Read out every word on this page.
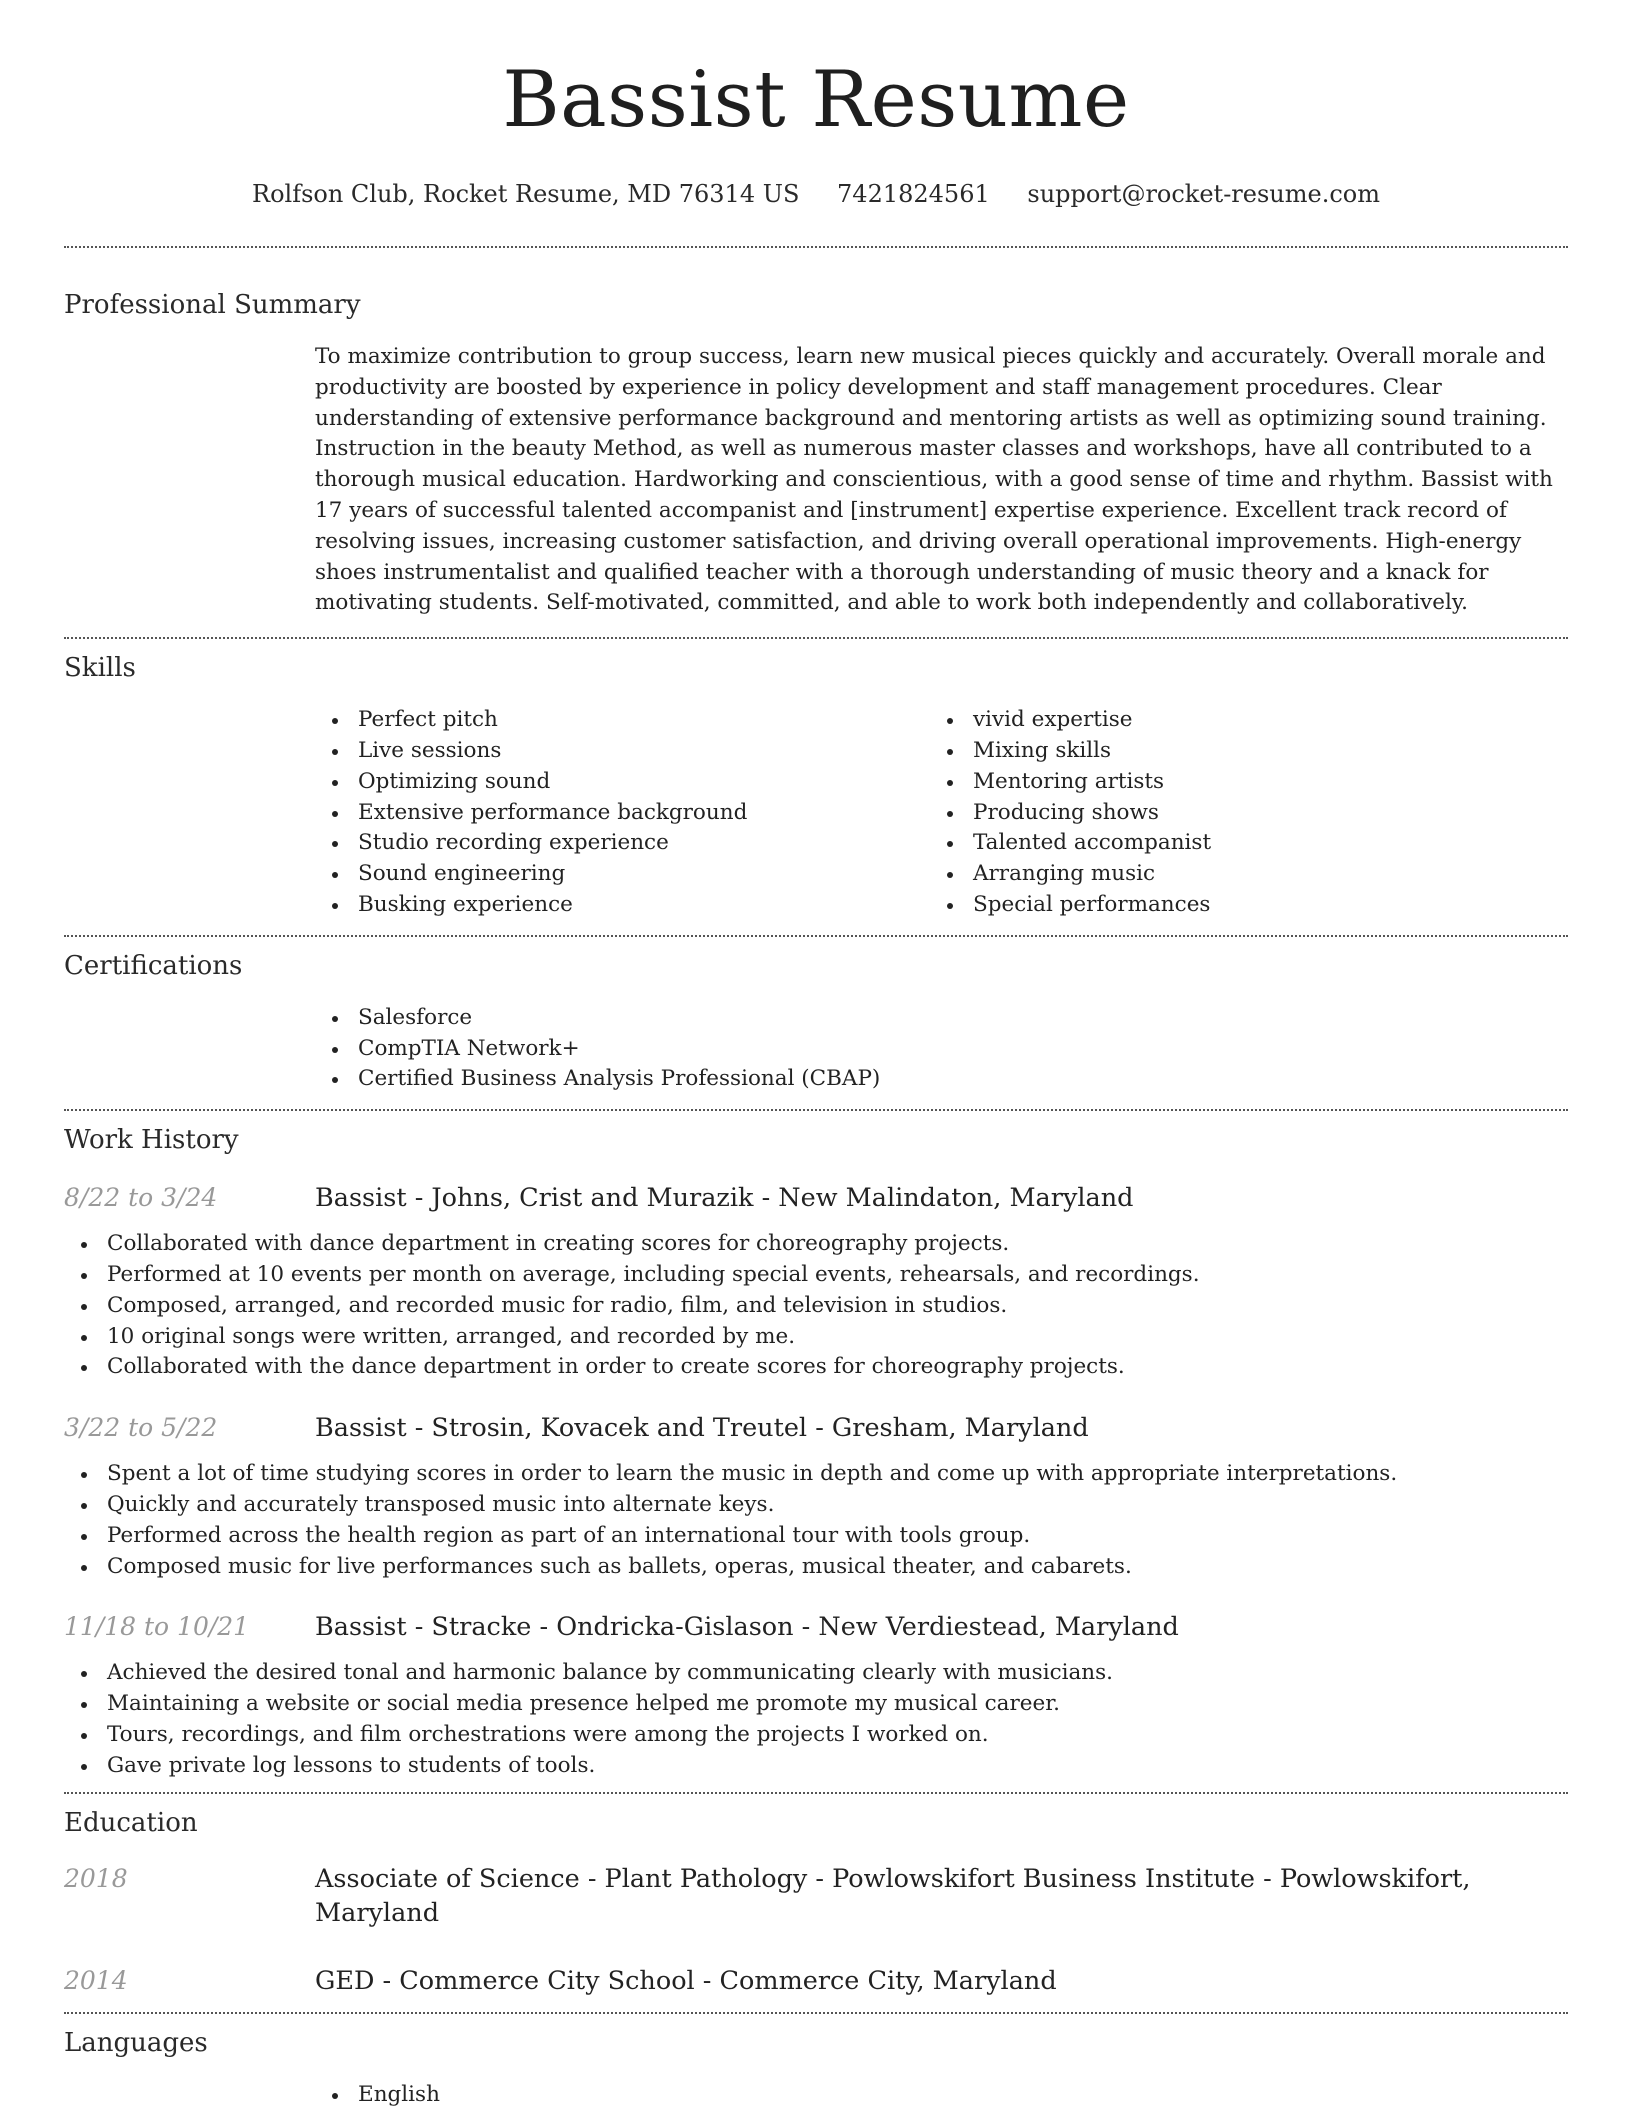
Bassist Resume
Rolfson Club, Rocket Resume, MD 76314 US 7421824561 support@rocket-resume.com
Professional Summary

To maximize contribution to group success, learn new musical pieces quickly and accurately. Overall morale and productivity are boosted by experience in policy development and staff management procedures. Clear understanding of extensive performance background and mentoring artists as well as optimizing sound training. Instruction in the beauty Method, as well as numerous master classes and workshops, have all contributed to a thorough musical education. Hardworking and conscientious, with a good sense of time and rhythm. Bassist with 17 years of successful talented accompanist and [instrument] expertise experience. Excellent track record of resolving issues, increasing customer satisfaction, and driving overall operational improvements. High-energy shoes instrumentalist and qualified teacher with a thorough understanding of music theory and a knack for motivating students. Self-motivated, committed, and able to work both independently and collaboratively.

Skills
Perfect pitch
Live sessions
Optimizing sound
Extensive performance background
Studio recording experience
Sound engineering
Busking experience
vivid expertise
Mixing skills
Mentoring artists
Producing shows
Talented accompanist
Arranging music
Special performances
Certifications
Salesforce
CompTIA Network+
Certified Business Analysis Professional (CBAP)
Work History
8/22 to 3/24	Bassist - Johns, Crist and Murazik - New Malindaton, Maryland
Collaborated with dance department in creating scores for choreography projects.
Performed at 10 events per month on average, including special events, rehearsals, and recordings.
Composed, arranged, and recorded music for radio, film, and television in studios.
10 original songs were written, arranged, and recorded by me.
Collaborated with the dance department in order to create scores for choreography projects.
3/22 to 5/22	Bassist - Strosin, Kovacek and Treutel - Gresham, Maryland
Spent a lot of time studying scores in order to learn the music in depth and come up with appropriate interpretations.
Quickly and accurately transposed music into alternate keys.
Performed across the health region as part of an international tour with tools group.
Composed music for live performances such as ballets, operas, musical theater, and cabarets.
11/18 to 10/21	Bassist - Stracke - Ondricka-Gislason - New Verdiestead, Maryland
Achieved the desired tonal and harmonic balance by communicating clearly with musicians.
Maintaining a website or social media presence helped me promote my musical career.
Tours, recordings, and film orchestrations were among the projects I worked on.
Gave private log lessons to students of tools.
Education
2018	Associate of Science - Plant Pathology - Powlowskifort Business Institute - Powlowskifort, Maryland
2014	GED - Commerce City School - Commerce City, Maryland
Languages
English
